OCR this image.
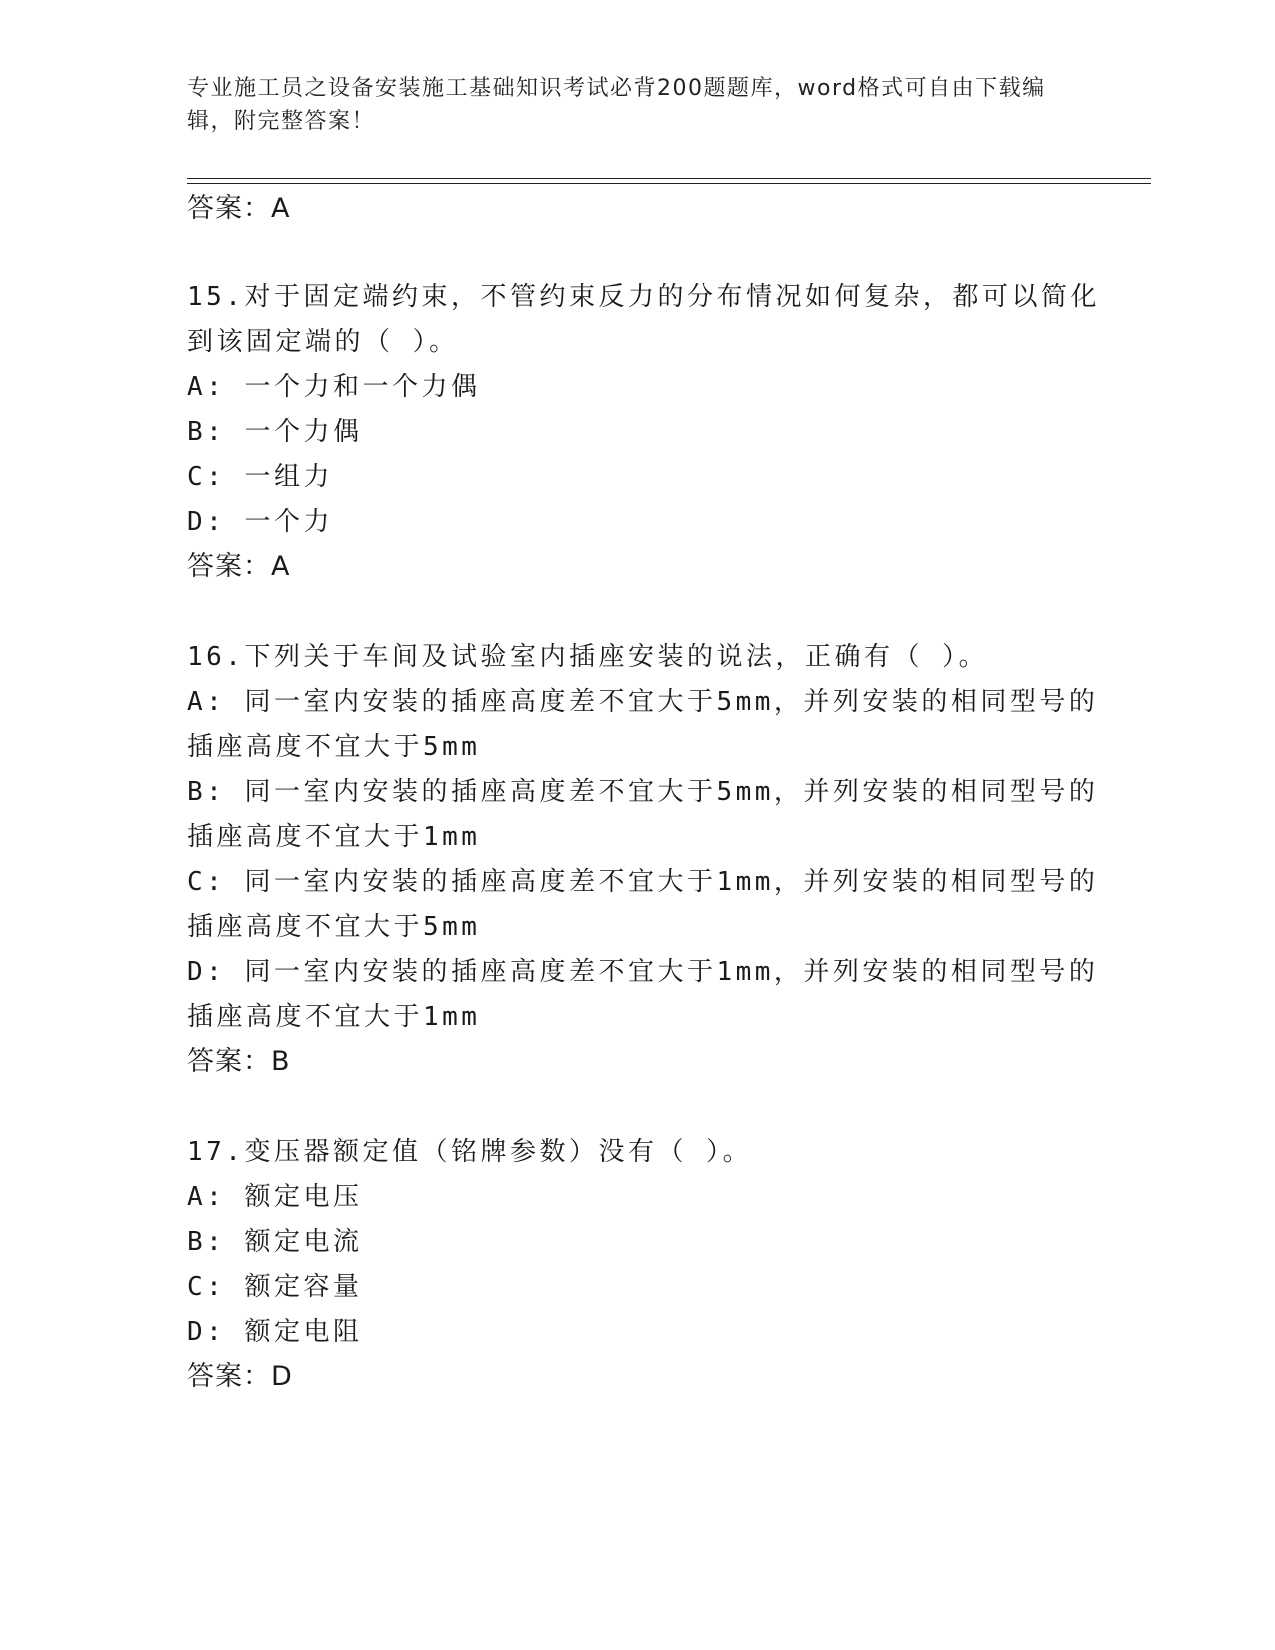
专业施工员之设备安装施工基础知识考试必背200题题库，word格式可自由下载编辑，附完整答案！
答案：A
15.对于固定端约束，不管约束反力的分布情况如何复杂，都可以简化
到该固定端的（ ）。
A: 一个力和一个力偶
B: 一个力偶
C: 一组力
D: 一个力
答案：A
16.下列关于车间及试验室内插座安装的说法，正确有（ ）。
A: 同一室内安装的插座高度差不宜大于5mm，并列安装的相同型号的
插座高度不宜大于5mm
B: 同一室内安装的插座高度差不宜大于5mm，并列安装的相同型号的
插座高度不宜大于1mm
C: 同一室内安装的插座高度差不宜大于1mm，并列安装的相同型号的
插座高度不宜大于5mm
D: 同一室内安装的插座高度差不宜大于1mm，并列安装的相同型号的
插座高度不宜大于1mm
答案：B
17.变压器额定值（铭牌参数）没有（ ）。
A: 额定电压
B: 额定电流
C: 额定容量
D: 额定电阻
答案：D
